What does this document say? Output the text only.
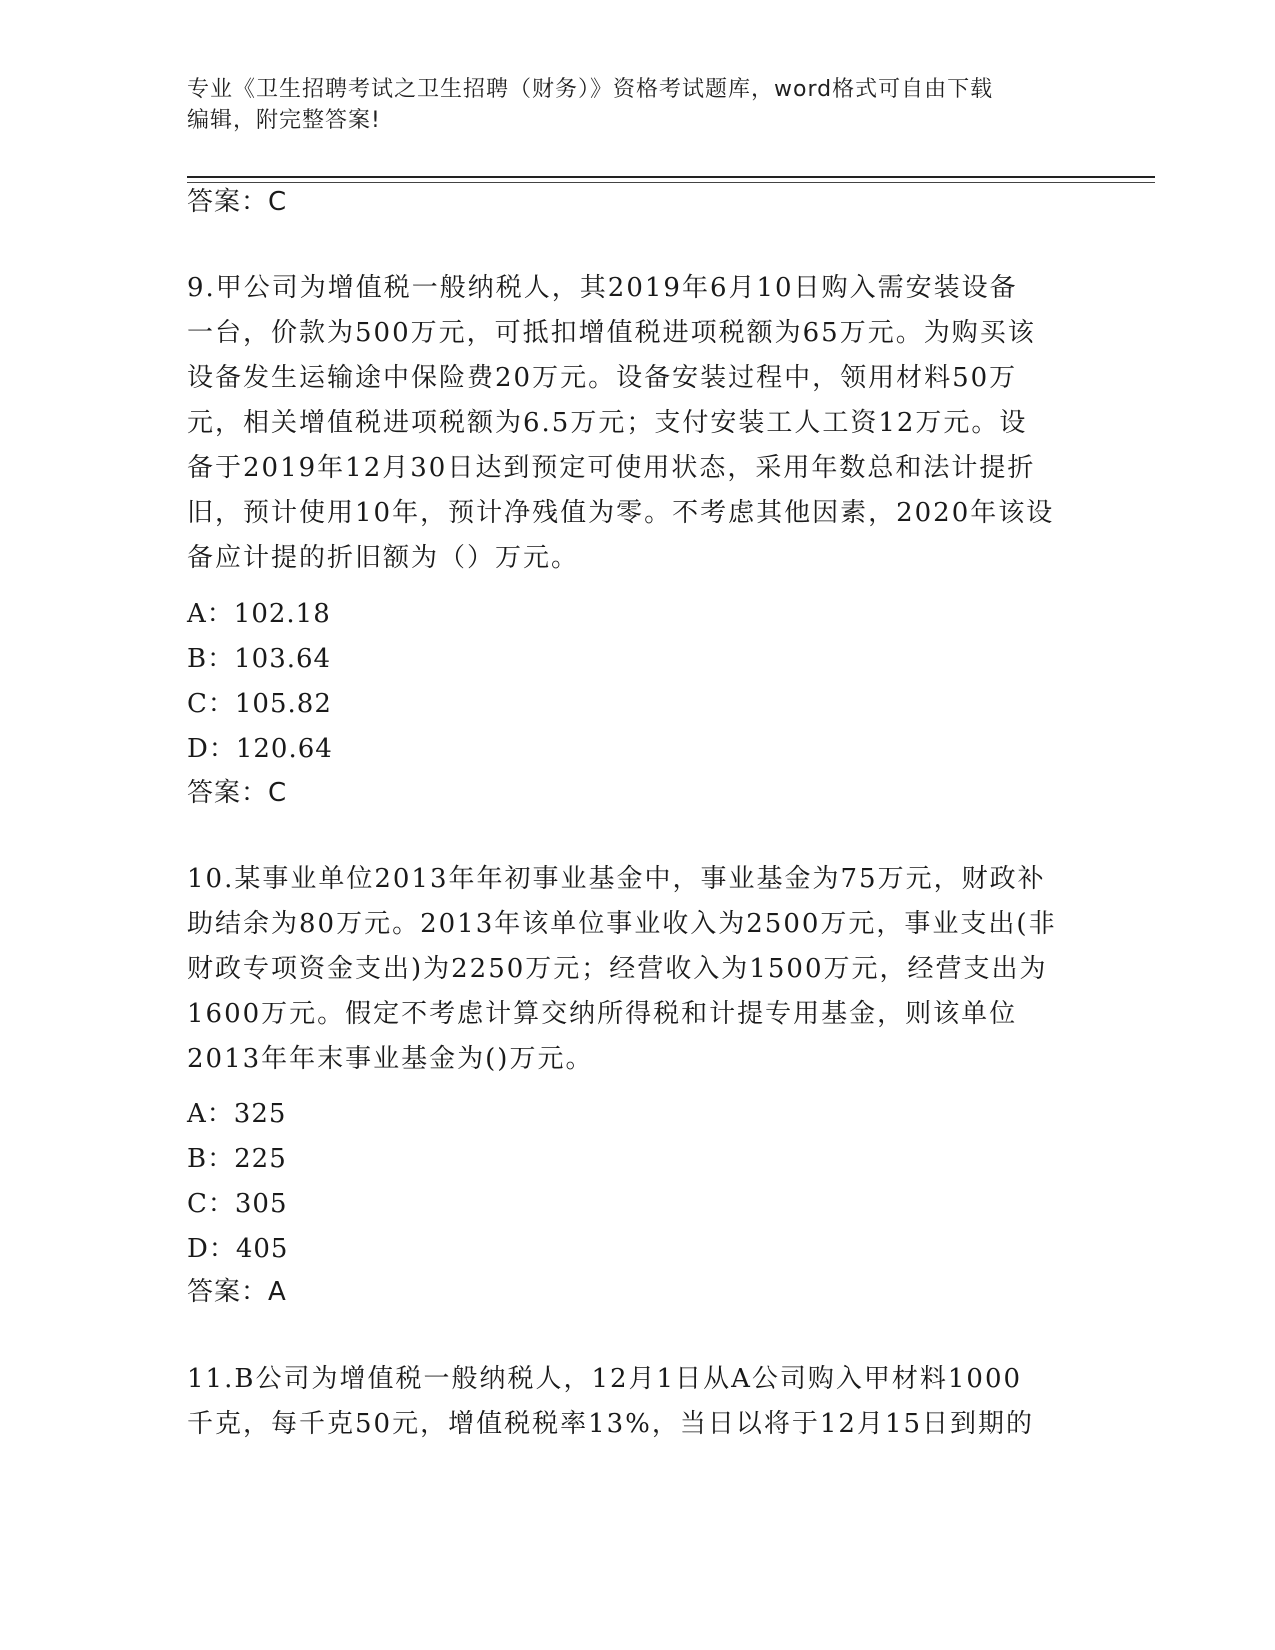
专业《卫生招聘考试之卫生招聘（财务）》资格考试题库，word格式可自由下载
编辑，附完整答案!
答案：C
9.甲公司为增值税一般纳税人，其2019年6月10日购入需安装设备
一台，价款为500万元，可抵扣增值税进项税额为65万元。为购买该
设备发生运输途中保险费20万元。设备安装过程中，领用材料50万
元，相关增值税进项税额为6.5万元；支付安装工人工资12万元。设
备于2019年12月30日达到预定可使用状态，采用年数总和法计提折
旧，预计使用10年，预计净残值为零。不考虑其他因素，2020年该设
备应计提的折旧额为（）万元。
A：102.18
B：103.64
C：105.82
D：120.64
答案：C
10.某事业单位2013年年初事业基金中，事业基金为75万元，财政补
助结余为80万元。2013年该单位事业收入为2500万元，事业支出(非
财政专项资金支出)为2250万元；经营收入为1500万元，经营支出为
1600万元。假定不考虑计算交纳所得税和计提专用基金，则该单位
2013年年末事业基金为()万元。
A：325
B：225
C：305
D：405
答案：A
11.B公司为增值税一般纳税人，12月1日从A公司购入甲材料1000
千克，每千克50元，增值税税率13%，当日以将于12月15日到期的
